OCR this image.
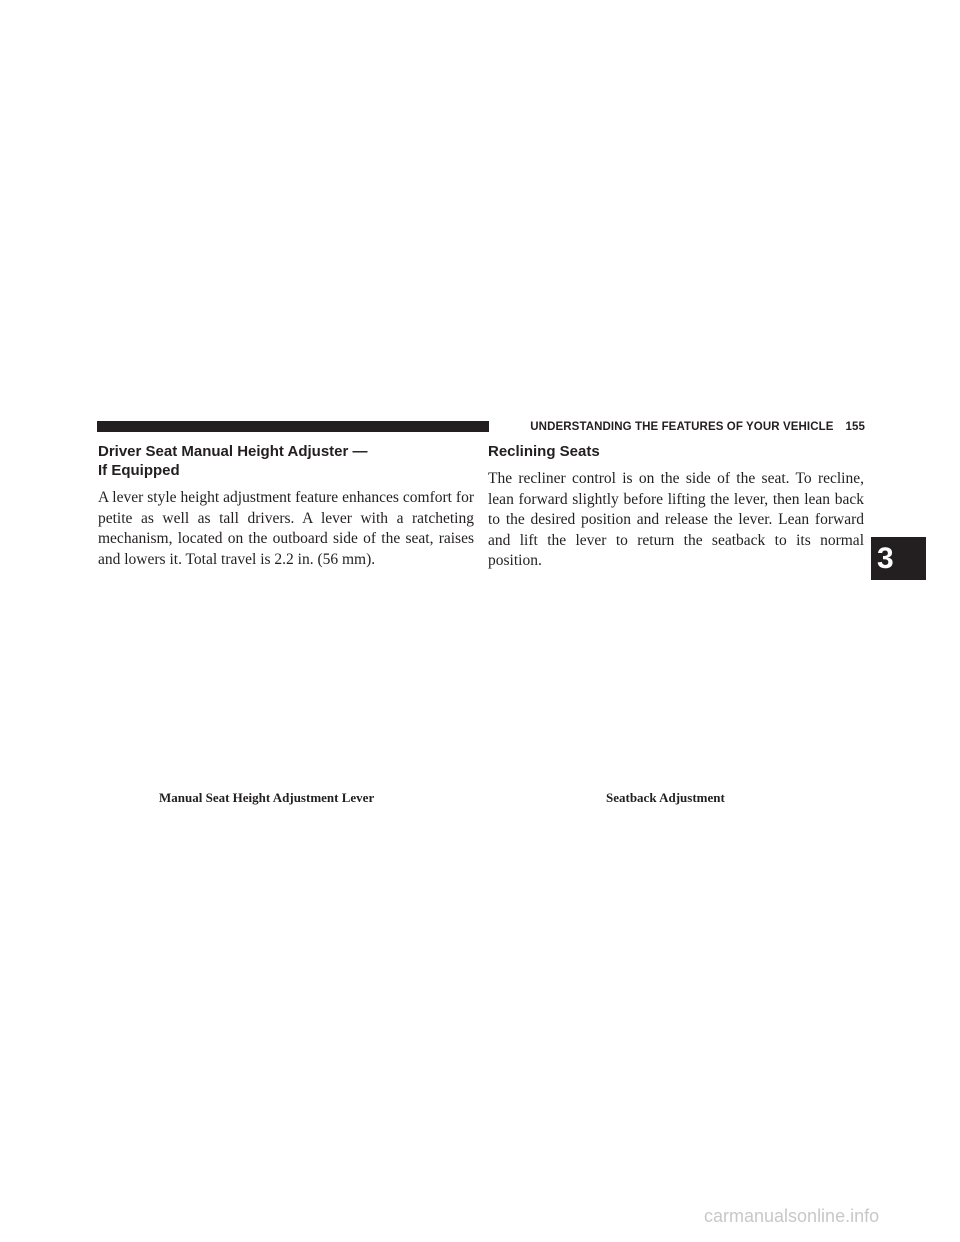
UNDERSTANDING THE FEATURES OF YOUR VEHICLE 155
Driver Seat Manual Height Adjuster —
If Equipped

A lever style height adjustment feature enhances comfort for petite as well as tall drivers. A lever with a ratcheting mechanism, located on the outboard side of the seat, raises and lowers it. Total travel is 2.2 in. (56 mm).

Reclining Seats

The recliner control is on the side of the seat. To recline, lean forward slightly before lifting the lever, then lean back to the desired position and release the lever. Lean forward and lift the lever to return the seatback to its normal position.

Manual Seat Height Adjustment Lever	Seatback Adjustment
3
carmanualsonline.info
